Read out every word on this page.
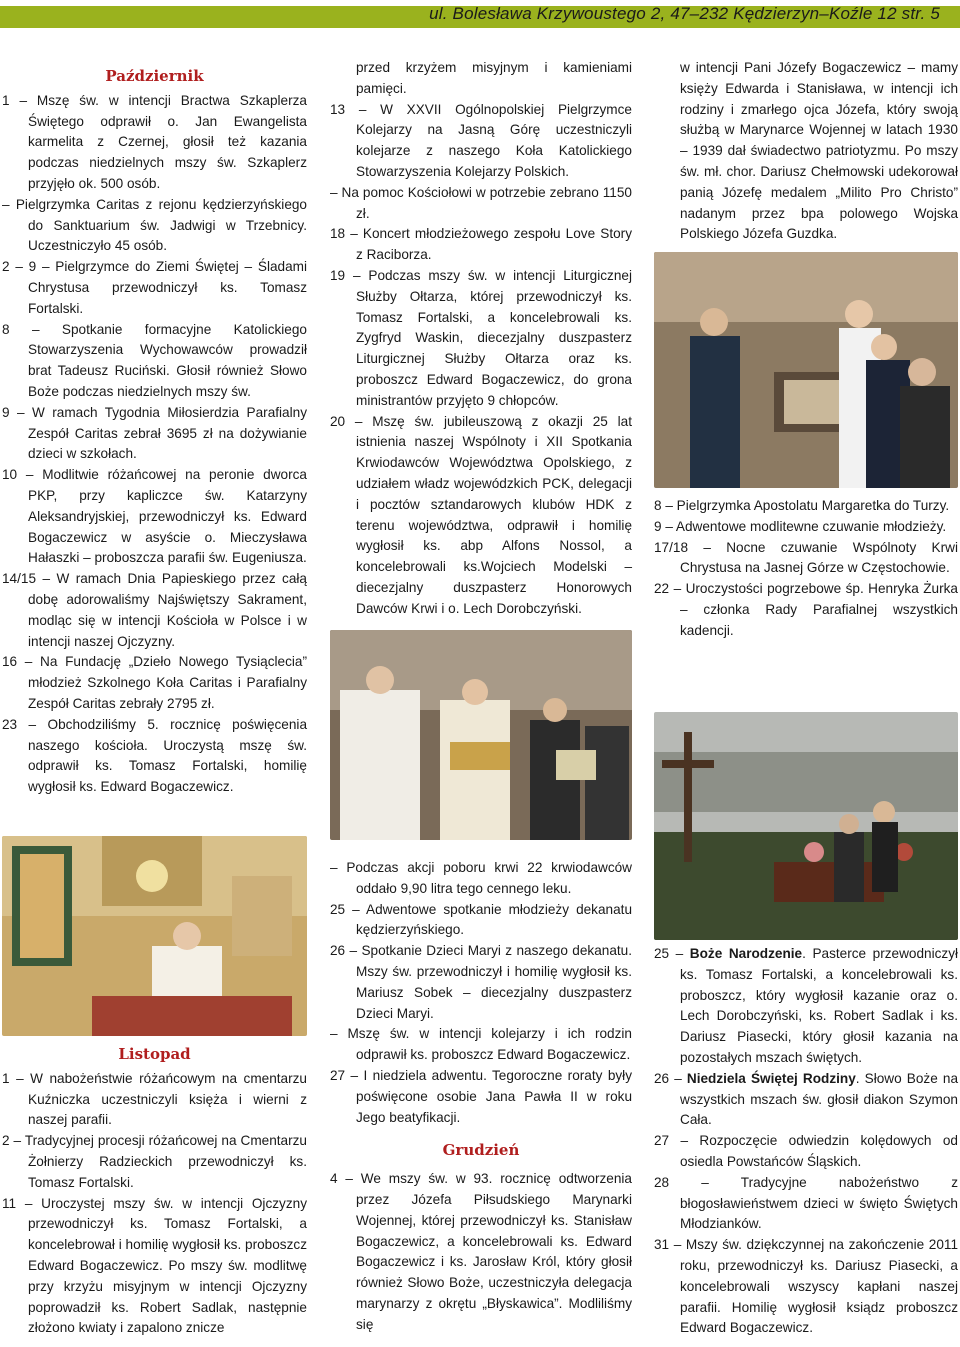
ul. Bolesława Krzywoustego 2, 47–232 Kędzierzyn–Koźle 12 str. 5
Październik

1 – Mszę św. w intencji Bractwa Szkaplerza Świętego odprawił o. Jan Ewangelista karmelita z Czernej, głosił też kazania podczas niedzielnych mszy św. Szkaplerz przyjęło ok. 500 osób.

– Pielgrzymka Caritas z rejonu kędzierzyńskiego do Sanktuarium św. Jadwigi w Trzebnicy. Uczestniczyło 45 osób.

2 – 9 – Pielgrzymce do Ziemi Świętej – Śladami Chrystusa przewodniczył ks. Tomasz Fortalski.

8 – Spotkanie formacyjne Katolickiego Stowarzyszenia Wychowawców prowadził brat Tadeusz Ruciński. Głosił również Słowo Boże podczas niedzielnych mszy św.

9 – W ramach Tygodnia Miłosierdzia Parafialny Zespół Caritas zebrał 3695 zł na dożywianie dzieci w szkołach.

10 – Modlitwie różańcowej na peronie dworca PKP, przy kapliczce św. Katarzyny Aleksandryjskiej, przewodniczył ks. Edward Bogaczewicz w asyście o. Mieczysława Hałaszki – proboszcza parafii św. Eugeniusza.

14/15 – W ramach Dnia Papieskiego przez całą dobę adorowaliśmy Najświętszy Sakrament, modląc się w intencji Kościoła w Polsce i w intencji naszej Ojczyzny.

16 – Na Fundację „Dzieło Nowego Tysiąclecia” młodzież Szkolnego Koła Caritas i Parafialny Zespół Caritas zebrały 2795 zł.

23 – Obchodziliśmy 5. rocznicę poświęcenia naszego kościoła. Uroczystą mszę św. odprawił ks. Tomasz Fortalski, homilię wygłosił ks. Edward Bogaczewicz.

przed krzyżem misyjnym i kamieniami pamięci.

13 – W XXVII Ogólnopolskiej Pielgrzymce Kolejarzy na Jasną Górę uczestniczyli kolejarze z naszego Koła Katolickiego Stowarzyszenia Kolejarzy Polskich.

– Na pomoc Kościołowi w potrzebie zebrano 1150 zł.

18 – Koncert młodzieżowego zespołu Love Story z Raciborza.

19 – Podczas mszy św. w intencji Liturgicznej Służby Ołtarza, której przewodniczył ks. Tomasz Fortalski, a koncelebrowali ks. Zygfryd Waskin, diecezjalny duszpasterz Liturgicznej Służby Ołtarza oraz ks. proboszcz Edward Bogaczewicz, do grona ministrantów przyjęto 9 chłopców.

20 – Mszę św. jubileuszową z okazji 25 lat istnienia naszej Wspólnoty i XII Spotkania Krwiodawców Województwa Opolskiego, z udziałem władz wojewódzkich PCK, delegacji i pocztów sztandarowych klubów HDK z terenu województwa, odprawił i homilię wygłosił ks. abp Alfons Nossol, a koncelebrowali ks.Wojciech Modelski – diecezjalny duszpasterz Honorowych Dawców Krwi i o. Lech Dorobczyński.

w intencji Pani Józefy Bogaczewicz – mamy księży Edwarda i Stanisława, w intencji ich rodziny i zmarłego ojca Józefa, który swoją służbą w Marynarce Wojennej w latach 1930 – 1939 dał świadectwo patriotyzmu. Po mszy św. mł. chor. Dariusz Chełmowski udekorował panią Józefę medalem „Milito Pro Christo” nadanym przez bpa polowego Wojska Polskiego Józefa Guzdka.

8 – Pielgrzymka Apostolatu Margaretka do Turzy.

9 – Adwentowe modlitewne czuwanie młodzieży.

17/18 – Nocne czuwanie Wspólnoty Krwi Chrystusa na Jasnej Górze w Częstochowie.

22 – Uroczystości pogrzebowe śp. Henryka Żurka – członka Rady Parafialnej wszystkich kadencji.

Listopad

1 – W nabożeństwie różańcowym na cmentarzu Kuźniczka uczestniczyli księża i wierni z naszej parafii.

2 – Tradycyjnej procesji różańcowej na Cmentarzu Żołnierzy Radzieckich przewodniczył ks. Tomasz Fortalski.

11 – Uroczystej mszy św. w intencji Ojczyzny przewodniczył ks. Tomasz Fortalski, a koncelebrował i homilię wygłosił ks. proboszcz Edward Bogaczewicz. Po mszy św. modlitwę przy krzyżu misyjnym w intencji Ojczyzny poprowadził ks. Robert Sadlak, następnie złożono kwiaty i zapalono znicze

– Podczas akcji poboru krwi 22 krwiodawców oddało 9,90 litra tego cennego leku.

25 – Adwentowe spotkanie młodzieży dekanatu kędzierzyńskiego.

26 – Spotkanie Dzieci Maryi z naszego dekanatu. Mszy św. przewodniczył i homilię wygłosił ks. Mariusz Sobek – diecezjalny duszpasterz Dzieci Maryi.

– Mszę św. w intencji kolejarzy i ich rodzin odprawił ks. proboszcz Edward Bogaczewicz.

27 – I niedziela adwentu. Tegoroczne roraty były poświęcone osobie Jana Pawła II w roku Jego beatyfikacji.

Grudzień

4 – We mszy św. w 93. rocznicę odtworzenia przez Józefa Piłsudskiego Marynarki Wojennej, której przewodniczył ks. Stanisław Bogaczewicz, a koncelebrowali ks. Edward Bogaczewicz i ks. Jarosław Król, który głosił również Słowo Boże, uczestniczyła delegacja marynarzy z okrętu „Błyskawica”. Modliliśmy się

25 – Boże Narodzenie. Pasterce przewodniczył ks. Tomasz Fortalski, a koncelebrowali ks. proboszcz, który wygłosił kazanie oraz o. Lech Dorobczyński, ks. Robert Sadlak i ks. Dariusz Piasecki, który głosił kazania na pozostałych mszach świętych.

26 – Niedziela Świętej Rodziny. Słowo Boże na wszystkich mszach św. głosił diakon Szymon Cała.

27 – Rozpoczęcie odwiedzin kolędowych od osiedla Powstańców Śląskich.

28 – Tradycyjne nabożeństwo z błogosławieństwem dzieci w święto Świętych Młodzianków.

31 – Mszy św. dziękczynnej na zakończenie 2011 roku, przewodniczył ks. Dariusz Piasecki, a koncelebrowali wszyscy kapłani naszej parafii. Homilię wygłosił ksiądz proboszcz Edward Bogaczewicz.
